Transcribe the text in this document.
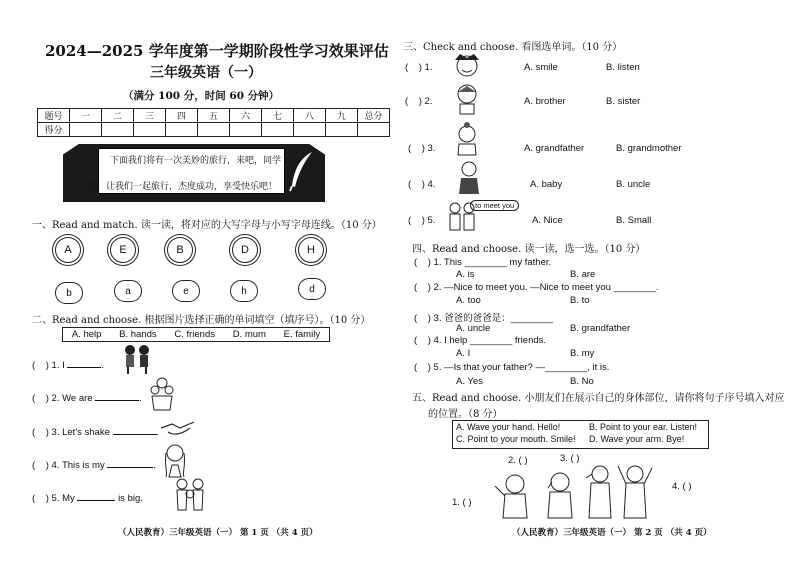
2024—2025 学年度第一学期阶段性学习效果评估
三年级英语（一）
（满分 100 分，时间 60 分钟）
题号	一	二	三	四	五	六	七	八	九	总分
得分										
下面我们将有一次美妙的旅行，来吧，同学
们，让我们一起旅行，杰度成功，享受快乐吧！
一、Read and match. 读一读，将对应的大写字母与小写字母连线。（10 分）
A	E	B	D	H
b	a	e	h	d
二、Read and choose. 根据图片选择正确的单词填空（填序号）。（10 分）
A. help B. hands C. friends D. mum E. family
( ) 1. I	.
( ) 2. We are	.
( ) 3. Let's shake	.
( ) 4. This is my	.
( ) 5. My	is big.
（人民教育）三年级英语（一） 第 1 页 （共 4 页）
三、Check and choose. 看图选单词。（10 分）
(    ) 1.	A. smile	B. listen
(    ) 2.	A. brother	B. sister
(    ) 3.	A. grandfather	B. grandmother
(    ) 4.	A. baby	B. uncle
(    ) 5.	A. Nice	B. Small
to meet you
四、Read and choose. 读一读，选一选。（10 分）
(    ) 1. This ________ my father.
A. is	B. are
(    ) 2. —Nice to meet you. —Nice to meet you ________.
A. too	B. to
(    ) 3. 爸爸的爸爸是：________
A. uncle	B. grandfather
(    ) 4. I help ________ friends.
A. I	B. my
(    ) 5. —Is that your father? —________, it is.
A. Yes	B. No
五、Read and choose. 小朋友们在展示自己的身体部位，请你将句子序号填入对应
的位置。（8 分）
A. Wave your hand. Hello!	B. Point to your ear. Listen!
C. Point to your mouth. Smile! D. Wave your arm. Bye!
1. ( )
2. ( )	3. ( )
4. ( )
（人民教育）三年级英语（一） 第 2 页 （共 4 页）
